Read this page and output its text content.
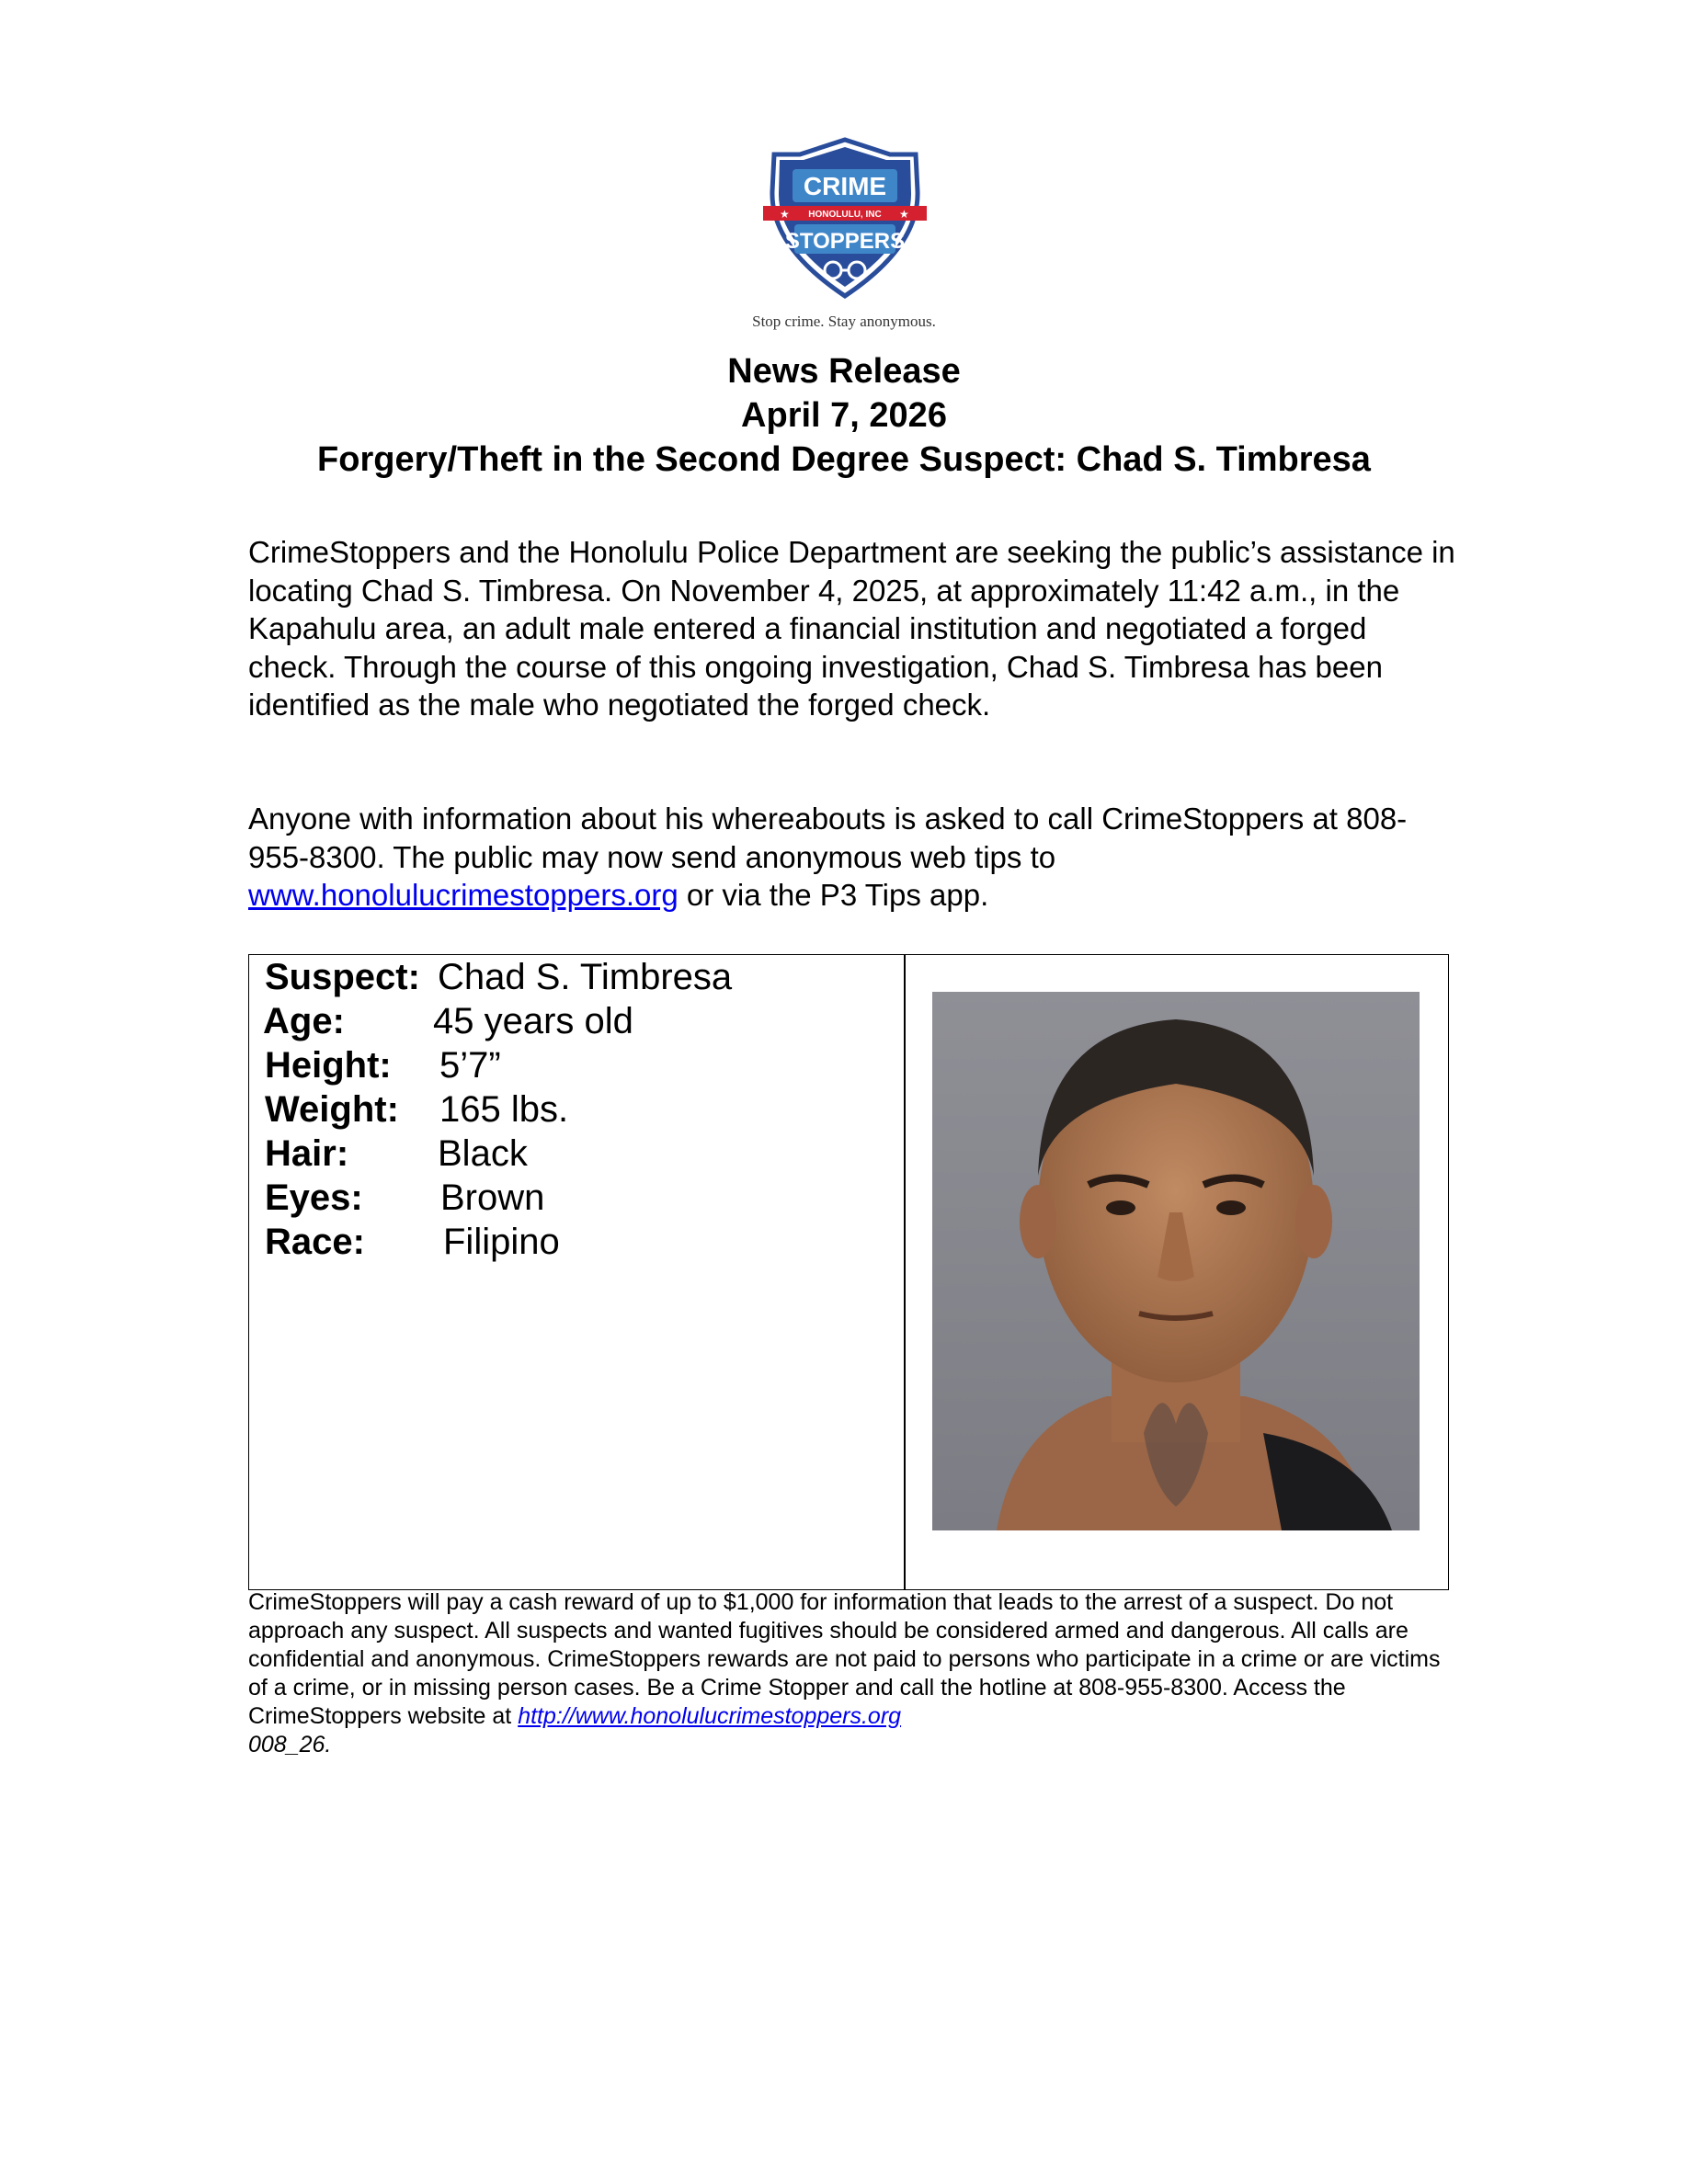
CRIME
HONOLULU, INC
★	★
STOPPERS
Stop crime. Stay anonymous.
News Release
April 7, 2026
Forgery/Theft in the Second Degree Suspect: Chad S. Timbresa
CrimeStoppers and the Honolulu Police Department are seeking the public’s assistance in locating Chad S. Timbresa. On November 4, 2025, at approximately 11:42 a.m., in the Kapahulu area, an adult male entered a financial institution and negotiated a forged check. Through the course of this ongoing investigation, Chad S. Timbresa has been identified as the male who negotiated the forged check.
Anyone with information about his whereabouts is asked to call CrimeStoppers at 808-955-8300. The public may now send anonymous web tips to www.honolulucrimestoppers.org or via the P3 Tips app.
Suspect: Chad S. Timbresa
Age: 45 years old
Height: 5’7”
Weight: 165 lbs.
Hair: Black
Eyes: Brown
Race: Filipino
CrimeStoppers will pay a cash reward of up to $1,000 for information that leads to the arrest of a suspect. Do not approach any suspect. All suspects and wanted fugitives should be considered armed and dangerous. All calls are confidential and anonymous. CrimeStoppers rewards are not paid to persons who participate in a crime or are victims of a crime, or in missing person cases. Be a Crime Stopper and call the hotline at 808-955-8300. Access the CrimeStoppers website at http://www.honolulucrimestoppers.org
008_26.
